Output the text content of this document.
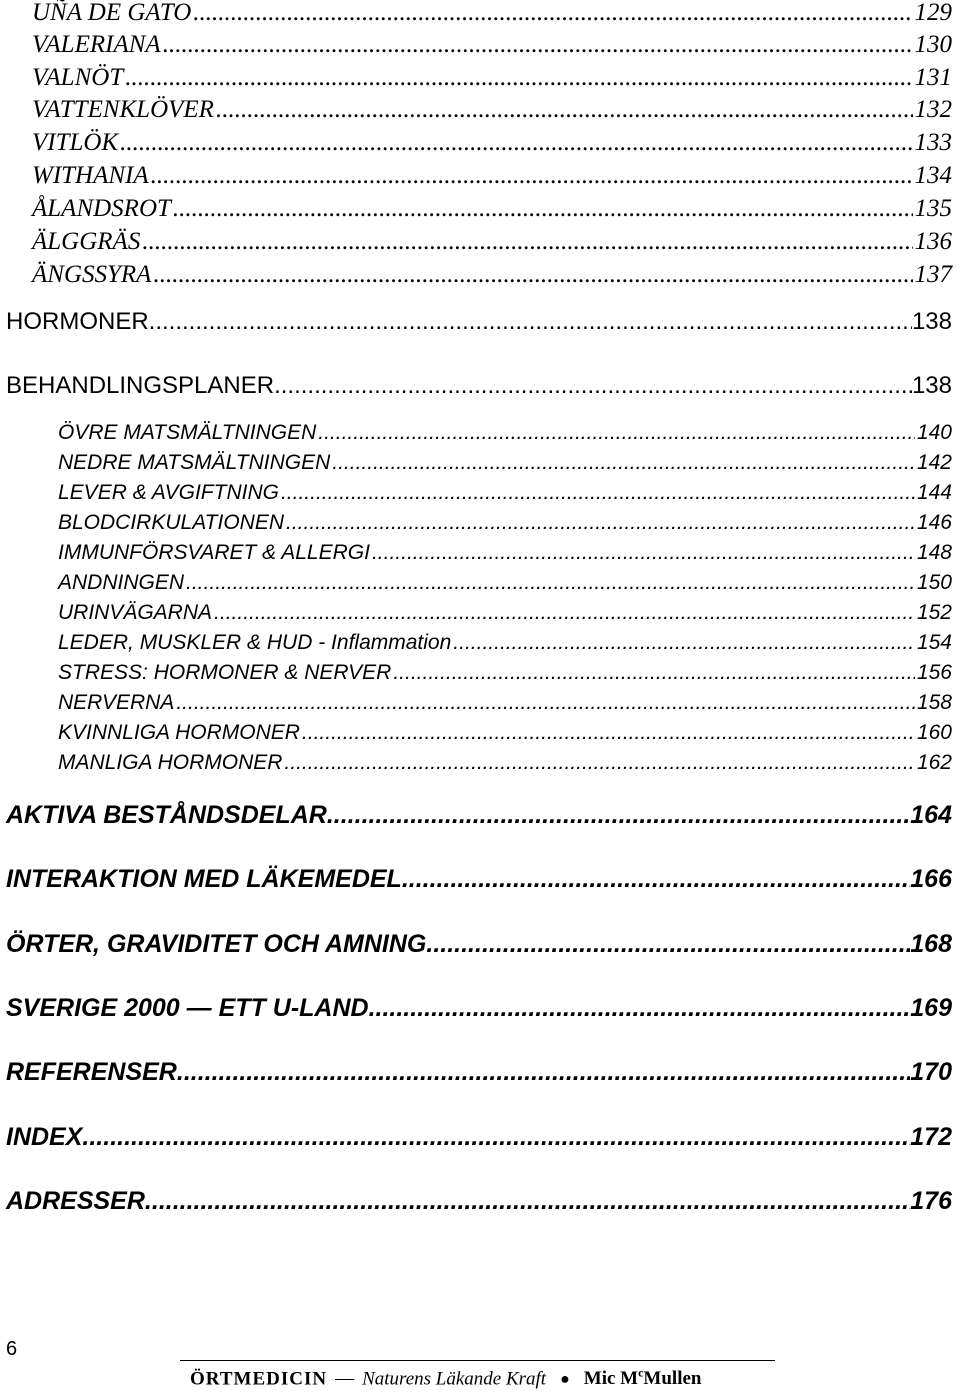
UÑA DE GATO .....	129
VALERIANA .....	130
VALNÖT .....	131
VATTENKLÖVER .....	132
VITLÖK .....	133
WITHANIA .....	134
ÅLANDSROT .....	135
ÄLGGRÄS .....	136
ÄNGSSYRA .....	137
HORMONER .....	138
BEHANDLINGSPLANER .....	138
ÖVRE MATSMÄLTNINGEN .....	140
NEDRE MATSMÄLTNINGEN .....	142
LEVER & AVGIFTNING .....	144
BLODCIRKULATIONEN .....	146
IMMUNFÖRSVARET & ALLERGI .....	148
ANDNINGEN .....	150
URINVÄGARNA .....	152
LEDER, MUSKLER & HUD - Inflammation .....	154
STRESS: HORMONER & NERVER .....	156
NERVERNA .....	158
KVINNLIGA HORMONER .....	160
MANLIGA HORMONER .....	162
AKTIVA BESTÅNDSDELAR .....	164
INTERAKTION MED LÄKEMEDEL .....	166
ÖRTER, GRAVIDITET OCH AMNING .....	168
SVERIGE 2000 — ETT U-LAND .....	169
REFERENSER .....	170
INDEX .....	172
ADRESSER .....	176
6
ÖRTMEDICIN — Naturens Läkande Kraft ● Mic $M^cMullen$
